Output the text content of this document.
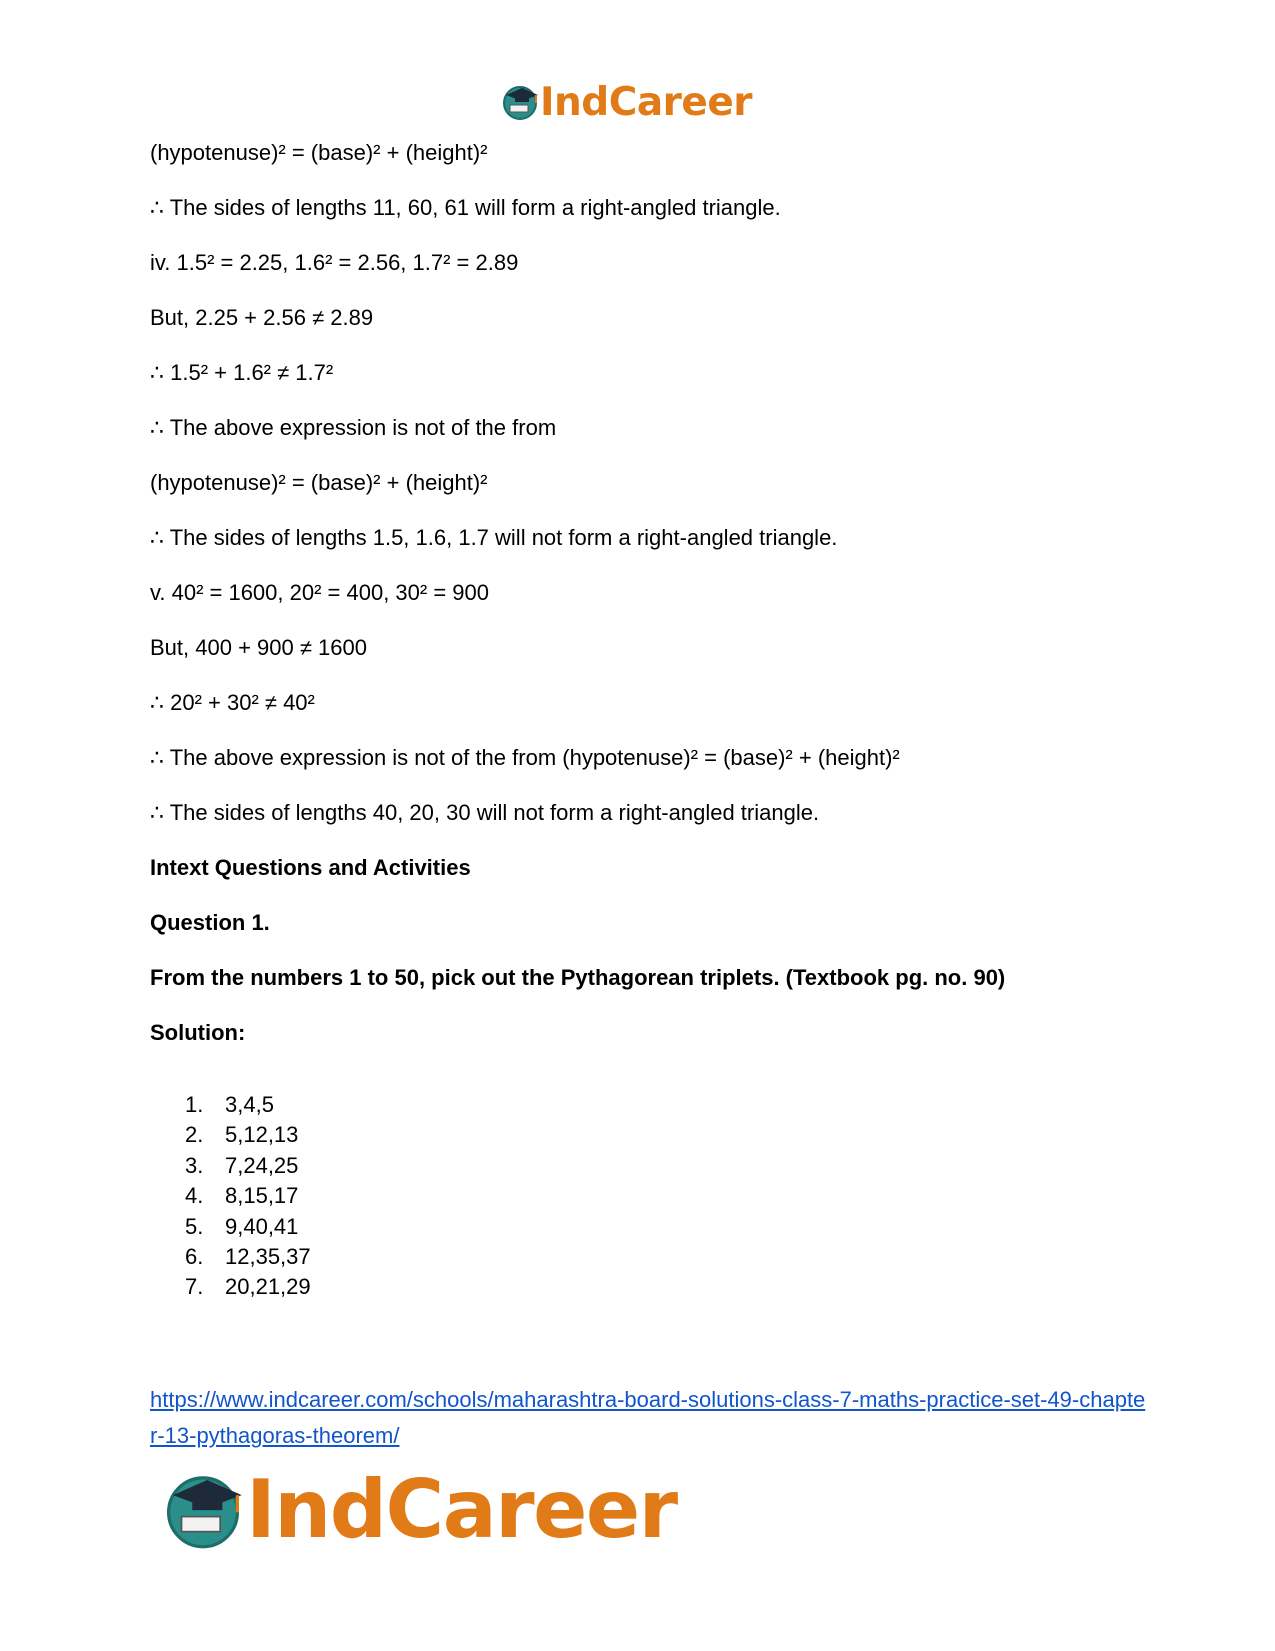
IndCareer
(hypotenuse)² = (base)² + (height)²
∴ The sides of lengths 11, 60, 61 will form a right-angled triangle.
iv. 1.5² = 2.25, 1.6² = 2.56, 1.7² = 2.89
But, 2.25 + 2.56 ≠ 2.89
∴ 1.5² + 1.6² ≠ 1.7²
∴ The above expression is not of the from
(hypotenuse)² = (base)² + (height)²
∴ The sides of lengths 1.5, 1.6, 1.7 will not form a right-angled triangle.
v. 40² = 1600, 20² = 400, 30² = 900
But, 400 + 900 ≠ 1600
∴ 20² + 30² ≠ 40²
∴ The above expression is not of the from (hypotenuse)² = (base)² + (height)²
∴ The sides of lengths 40, 20, 30 will not form a right-angled triangle.
Intext Questions and Activities
Question 1.
From the numbers 1 to 50, pick out the Pythagorean triplets. (Textbook pg. no. 90)
Solution:
1. 3,4,5
2. 5,12,13
3. 7,24,25
4. 8,15,17
5. 9,40,41
6. 12,35,37
7. 20,21,29
https://www.indcareer.com/schools/maharashtra-board-solutions-class-7-maths-practice-set-49-chapter-13-pythagoras-theorem/
IndCareer
